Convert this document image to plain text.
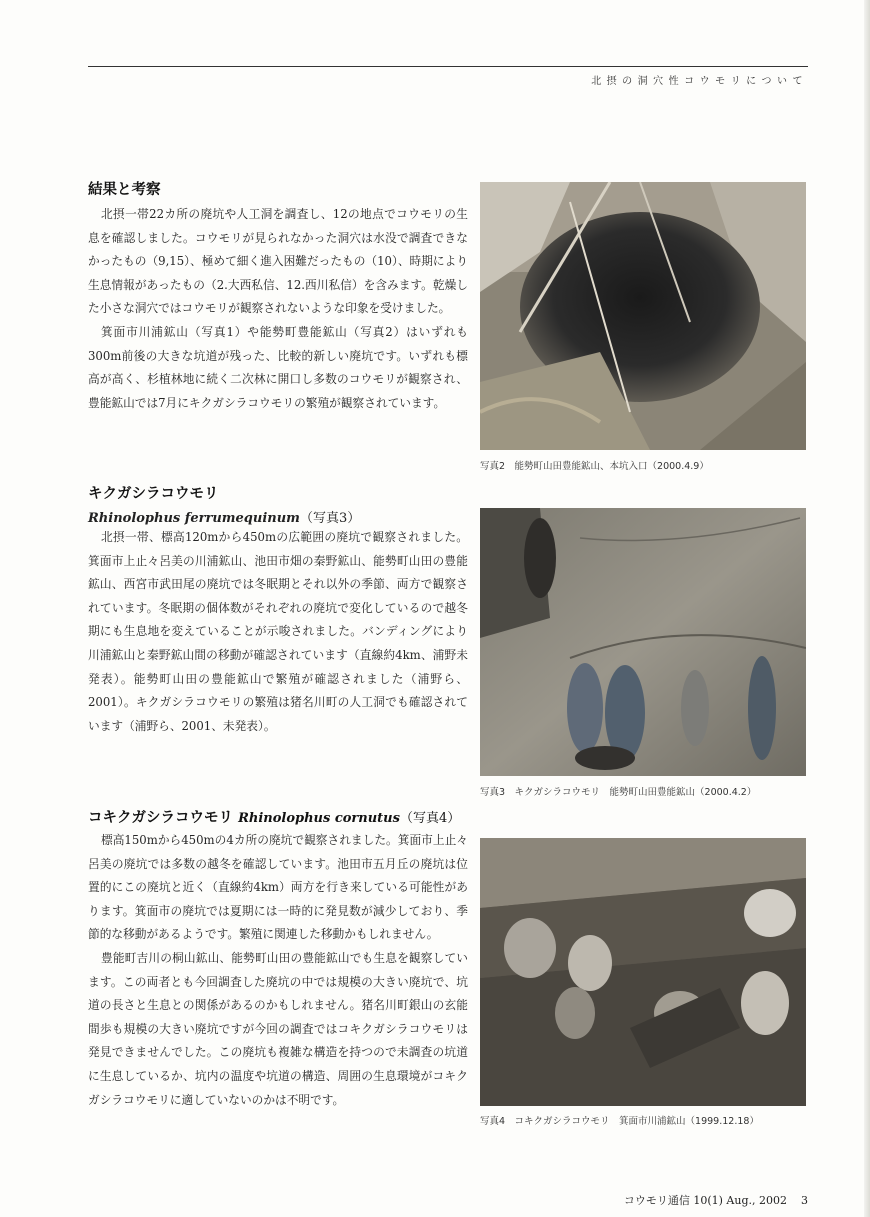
北摂の洞穴性コウモリについて
結果と考察

北摂一帯22カ所の廃坑や人工洞を調査し、12の地点でコウモリの生息を確認しました。コウモリが見られなかった洞穴は水没で調査できなかったもの（9,15）、極めて細く進入困難だったもの（10）、時期により生息情報があったもの（2.大西私信、12.西川私信）を含みます。乾燥した小さな洞穴ではコウモリが観察されないような印象を受けました。

箕面市川浦鉱山（写真1）や能勢町豊能鉱山（写真2）はいずれも300m前後の大きな坑道が残った、比較的新しい廃坑です。いずれも標高が高く、杉植林地に続く二次林に開口し多数のコウモリが観察され、豊能鉱山では7月にキクガシラコウモリの繁殖が観察されています。

キクガシラコウモリ
Rhinolophus ferrumequinum（写真3）

北摂一帯、標高120mから450mの広範囲の廃坑で観察されました。箕面市上止々呂美の川浦鉱山、池田市畑の秦野鉱山、能勢町山田の豊能鉱山、西宮市武田尾の廃坑では冬眠期とそれ以外の季節、両方で観察されています。冬眠期の個体数がそれぞれの廃坑で変化しているので越冬期にも生息地を変えていることが示唆されました。バンディングにより川浦鉱山と秦野鉱山間の移動が確認されています（直線約4km、浦野未発表）。能勢町山田の豊能鉱山で繁殖が確認されました（浦野ら、2001）。キクガシラコウモリの繁殖は猪名川町の人工洞でも確認されています（浦野ら、2001、未発表）。

コキクガシラコウモリ Rhinolophus cornutus（写真4）

標高150mから450mの4カ所の廃坑で観察されました。箕面市上止々呂美の廃坑では多数の越冬を確認しています。池田市五月丘の廃坑は位置的にこの廃坑と近く（直線約4km）両方を行き来している可能性があります。箕面市の廃坑では夏期には一時的に発見数が減少しており、季節的な移動があるようです。繁殖に関連した移動かもしれません。

豊能町吉川の桐山鉱山、能勢町山田の豊能鉱山でも生息を観察しています。この両者とも今回調査した廃坑の中では規模の大きい廃坑で、坑道の長さと生息との関係があるのかもしれません。猪名川町銀山の玄能間歩も規模の大きい廃坑ですが今回の調査ではコキクガシラコウモリは発見できませんでした。この廃坑も複雑な構造を持つので未調査の坑道に生息しているか、坑内の温度や坑道の構造、周囲の生息環境がコキクガシラコウモリに適していないのかは不明です。

写真2　能勢町山田豊能鉱山、本坑入口（2000.4.9）
写真3　キクガシラコウモリ　能勢町山田豊能鉱山（2000.4.2）
写真4　コキクガシラコウモリ　箕面市川浦鉱山（1999.12.18）
コウモリ通信 10(1) Aug., 2002 3
